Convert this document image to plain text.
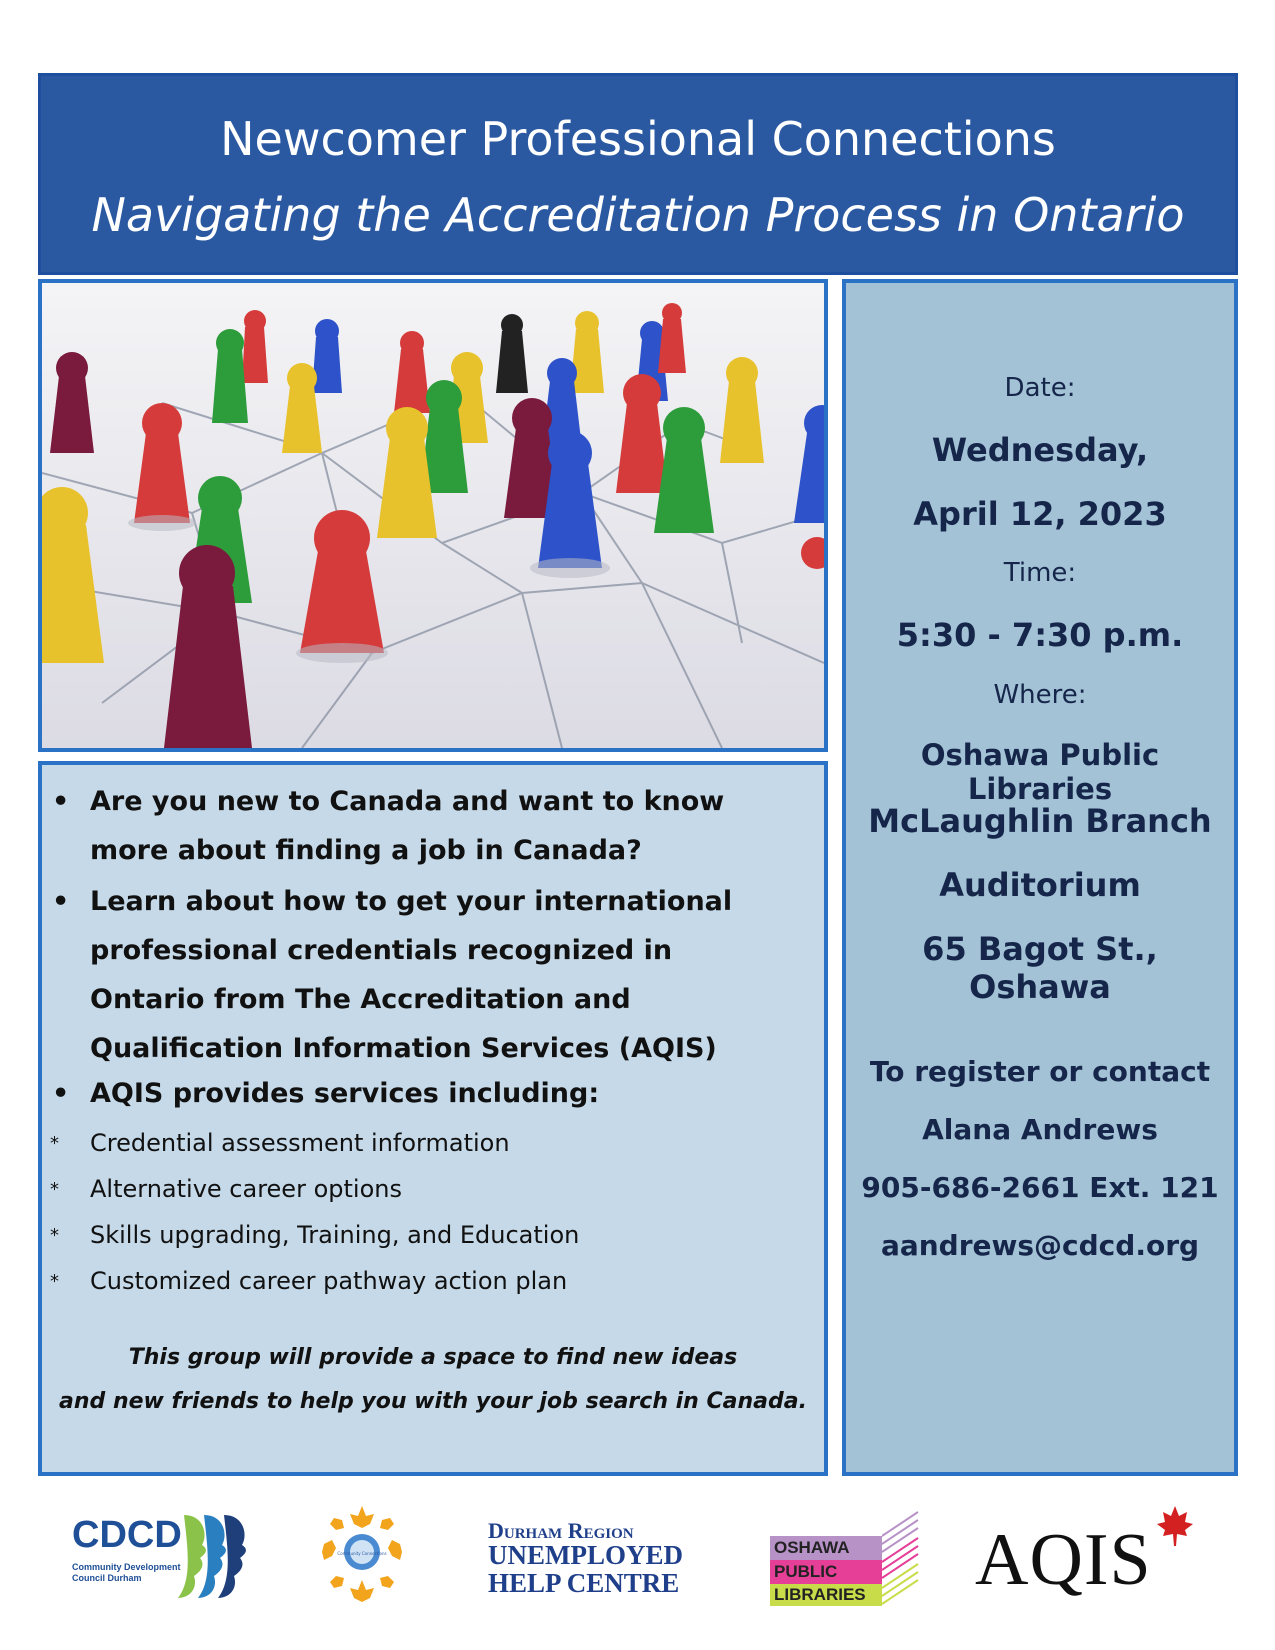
Newcomer Professional Connections
Navigating the Accreditation Process in Ontario
• Are you new to Canada and want to know more about finding a job in Canada?
• Learn about how to get your international professional credentials recognized in Ontario from The Accreditation and Qualification Information Services (AQIS)
• AQIS provides services including:
* Credential assessment information
* Alternative career options
* Skills upgrading, Training, and Education
* Customized career pathway action plan
This group will provide a space to find new ideas
and new friends to help you with your job search in Canada.
Date:
Wednesday,
April 12, 2023
Time:
5:30 - 7:30 p.m.
Where:
Oshawa Public Libraries
McLaughlin Branch
Auditorium
65 Bagot St., Oshawa
To register or contact
Alana Andrews
905-686-2661 Ext. 121
aandrews@cdcd.org
CDCD
Community Development
Council Durham
Community Connections
Durham Region
UNEMPLOYED
HELP CENTRE
OSHAWA
PUBLIC
LIBRARIES AQIS
